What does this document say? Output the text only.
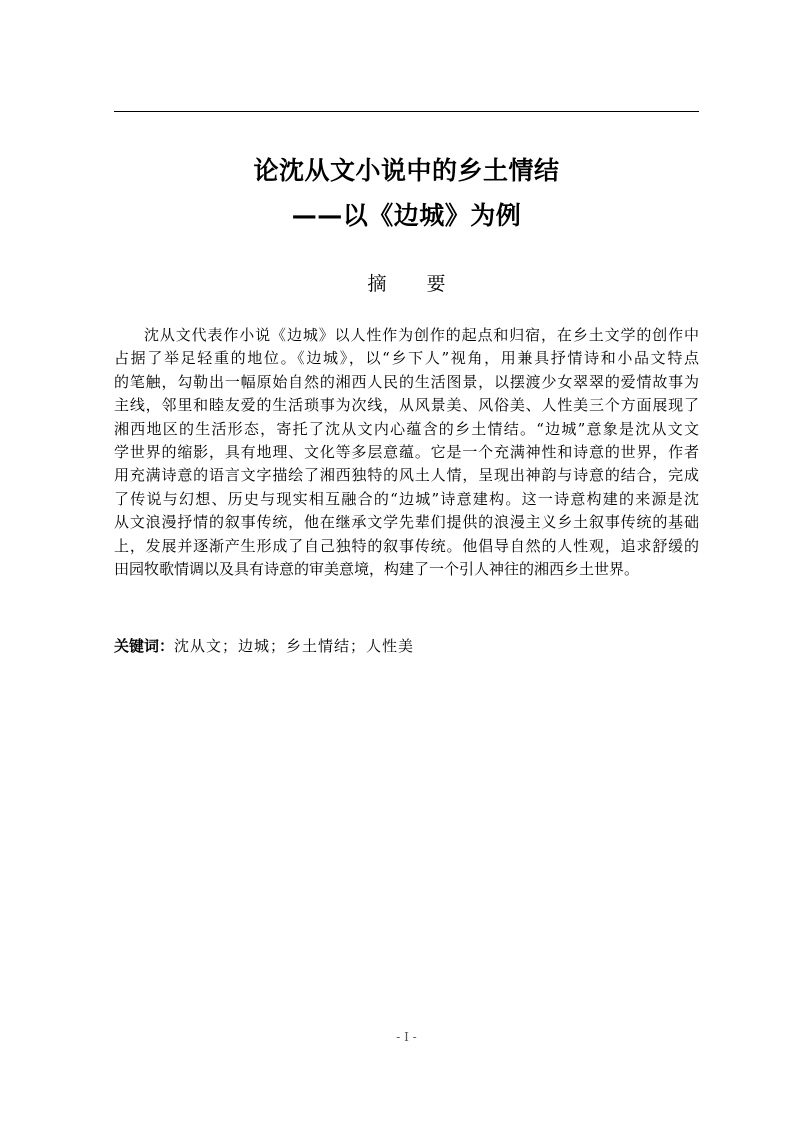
论沈从文小说中的乡土情结
——以《边城》为例
摘 要
沈从文代表作小说《边城》以人性作为创作的起点和归宿，在乡土文学的创作中
占据了举足轻重的地位。《边城》，以“乡下人”视角，用兼具抒情诗和小品文特点
的笔触，勾勒出一幅原始自然的湘西人民的生活图景，以摆渡少女翠翠的爱情故事为
主线，邻里和睦友爱的生活琐事为次线，从风景美、风俗美、人性美三个方面展现了
湘西地区的生活形态，寄托了沈从文内心蕴含的乡土情结。“边城”意象是沈从文文
学世界的缩影，具有地理、文化等多层意蕴。它是一个充满神性和诗意的世界，作者
用充满诗意的语言文字描绘了湘西独特的风土人情，呈现出神韵与诗意的结合，完成
了传说与幻想、历史与现实相互融合的“边城”诗意建构。这一诗意构建的来源是沈
从文浪漫抒情的叙事传统，他在继承文学先辈们提供的浪漫主义乡土叙事传统的基础
上，发展并逐渐产生形成了自己独特的叙事传统。他倡导自然的人性观，追求舒缓的
田园牧歌情调以及具有诗意的审美意境，构建了一个引人神往的湘西乡土世界。
关键词：沈从文；边城；乡土情结；人性美
- I -
